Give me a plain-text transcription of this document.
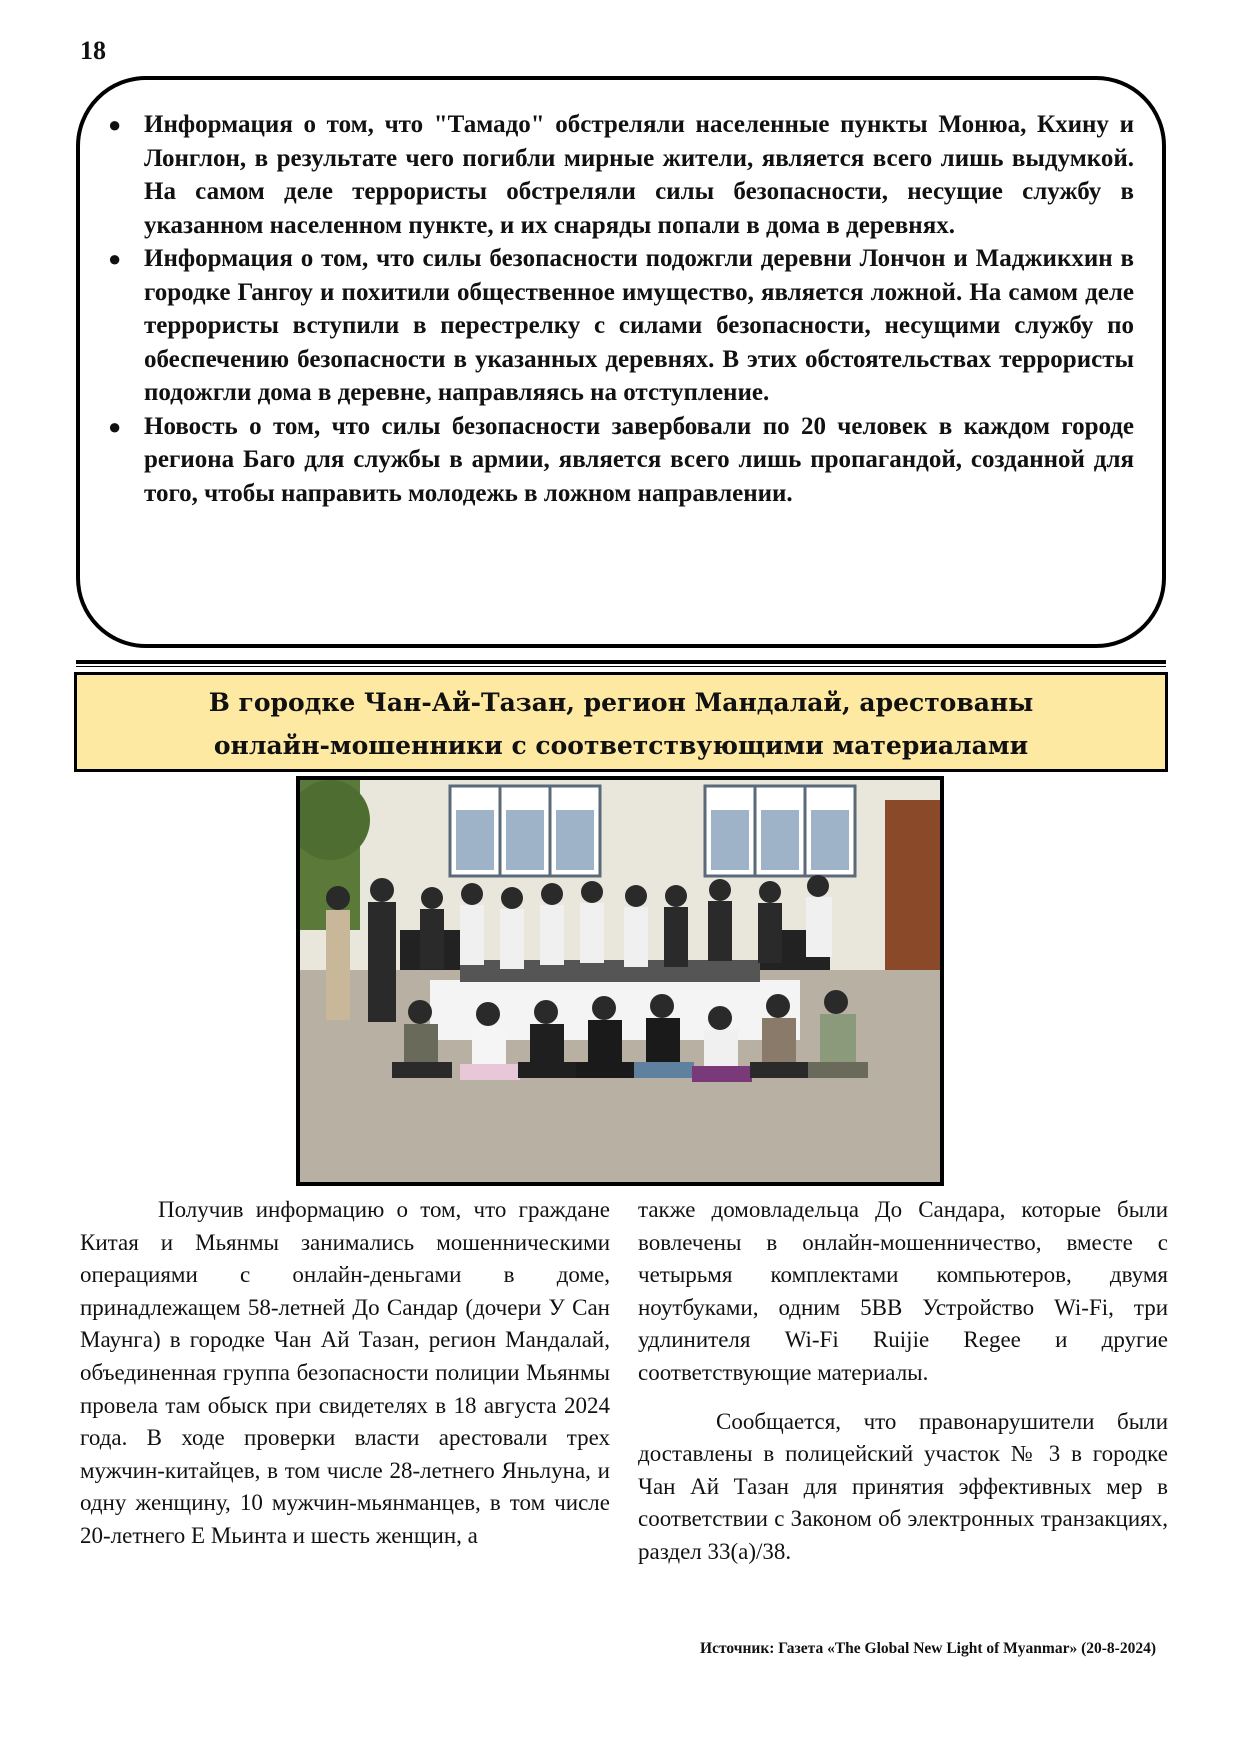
18
● Информация о том, что "Тамадо" обстреляли населенные пункты Монюа, Кхину и Лонглон, в результате чего погибли мирные жители, является всего лишь выдумкой. На самом деле террористы обстреляли силы безопасности, несущие службу в указанном населенном пункте, и их снаряды попали в дома в деревнях.
● Информация о том, что силы безопасности подожгли деревни Лончон и Маджикхин в городке Гангоу и похитили общественное имущество, является ложной. На самом деле террористы вступили в перестрелку с силами безопасности, несущими службу по обеспечению безопасности в указанных деревнях. В этих обстоятельствах террористы подожгли дома в деревне, направляясь на отступление.
● Новость о том, что силы безопасности завербовали по 20 человек в каждом городе региона Баго для службы в армии, является всего лишь пропагандой, созданной для того, чтобы направить молодежь в ложном направлении.
В городке Чан-Ай-Тазан, регион Мандалай, арестованы
онлайн-мошенники с соответствующими материалами

Получив информацию о том, что граждане Китая и Мьянмы занимались мошенническими операциями с онлайн-деньгами в доме, принадлежащем 58-летней До Сандар (дочери У Сан Маунга) в городке Чан Ай Тазан, регион Мандалай, объединенная группа безопасности полиции Мьянмы провела там обыск при свидетелях в 18 августа 2024 года. В ходе проверки власти арестовали трех мужчин-китайцев, в том числе 28-летнего Яньлуна, и одну женщину, 10 мужчин-мьянманцев, в том числе 20-летнего Е Мьинта и шесть женщин, а

также домовладельца До Сандара, которые были вовлечены в онлайн-мошенничество, вместе с четырьмя комплектами компьютеров, двумя ноутбуками, одним 5BB Устройство Wi-Fi, три удлинителя Wi-Fi Ruijie Regee и другие соответствующие материалы.

Сообщается, что правонарушители были доставлены в полицейский участок № 3 в городке Чан Ай Тазан для принятия эффективных мер в соответствии с Законом об электронных транзакциях, раздел 33(а)/38.

Источник: Газета «The Global New Light of Myanmar» (20-8-2024)
